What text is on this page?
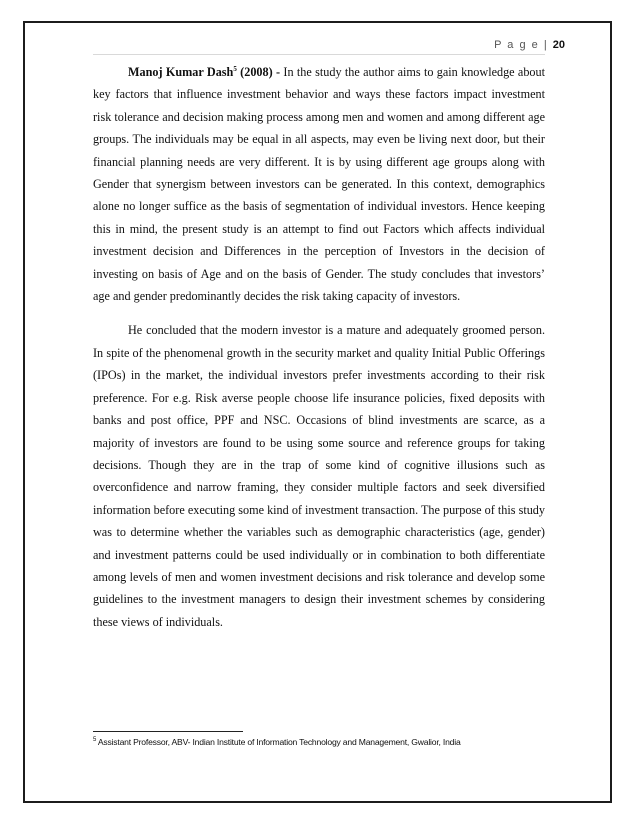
P a g e | 20

Manoj Kumar Dash$^5$ (2008) - In the study the author aims to gain knowledge about key factors that influence investment behavior and ways these factors impact investment risk tolerance and decision making process among men and women and among different age groups. The individuals may be equal in all aspects, may even be living next door, but their financial planning needs are very different. It is by using different age groups along with Gender that synergism between investors can be generated. In this context, demographics alone no longer suffice as the basis of segmentation of individual investors. Hence keeping this in mind, the present study is an attempt to find out Factors which affects individual investment decision and Differences in the perception of Investors in the decision of investing on basis of Age and on the basis of Gender. The study concludes that investors’ age and gender predominantly decides the risk taking capacity of investors.

He concluded that the modern investor is a mature and adequately groomed person. In spite of the phenomenal growth in the security market and quality Initial Public Offerings (IPOs) in the market, the individual investors prefer investments according to their risk preference. For e.g. Risk averse people choose life insurance policies, fixed deposits with banks and post office, PPF and NSC. Occasions of blind investments are scarce, as a majority of investors are found to be using some source and reference groups for taking decisions. Though they are in the trap of some kind of cognitive illusions such as overconfidence and narrow framing, they consider multiple factors and seek diversified information before executing some kind of investment transaction. The purpose of this study was to determine whether the variables such as demographic characteristics (age, gender) and investment patterns could be used individually or in combination to both differentiate among levels of men and women investment decisions and risk tolerance and develop some guidelines to the investment managers to design their investment schemes by considering these views of individuals.

$^5$ Assistant Professor, ABV- Indian Institute of Information Technology and Management, Gwalior, India
